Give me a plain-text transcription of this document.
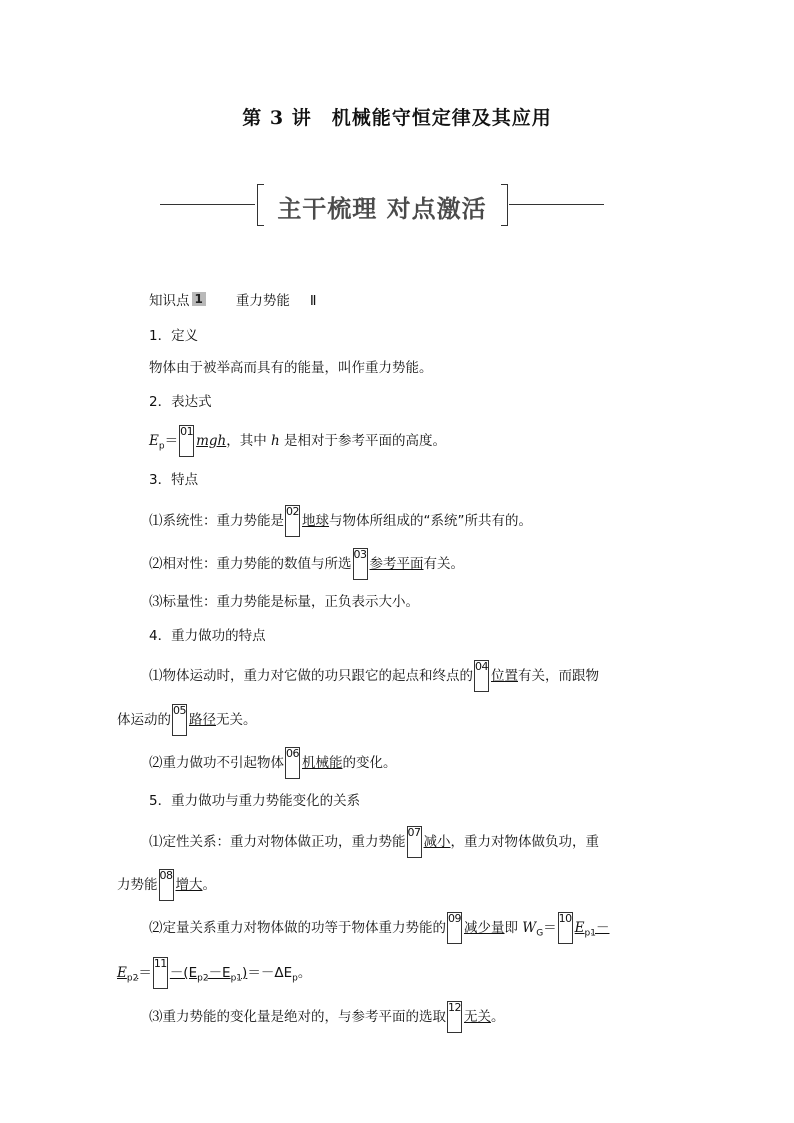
第 3 讲　机械能守恒定律及其应用
主干梳理 对点激活
知识点 1 重力势能 Ⅱ
1．定义
物体由于被举高而具有的能量，叫作重力势能。
2．表达式
$E_p=$
01
mgh，其中 h 是相对于参考平面的高度。
3．特点
⑴系统性：重力势能是
02
地球与物体所组成的“系统”所共有的。
⑵相对性：重力势能的数值与所选
03
参考平面有关。
⑶标量性：重力势能是标量，正负表示大小。
4．重力做功的特点
⑴物体运动时，重力对它做的功只跟它的起点和终点的
04
位置有关，而跟物
体运动的
05
路径无关。
⑵重力做功不引起物体
06
机械能的变化。
5．重力做功与重力势能变化的关系
⑴定性关系：重力对物体做正功，重力势能
07
减小，重力对物体做负功，重
力势能
08
增大。
⑵定量关系重力对物体做的功等于物体重力势能的
09
减少量即 $W_G=$
10
$E_{p1}-$
$E_{p2}=$
11
$-(E_{p2}-E_{p1})=-\Delta E_p$。
⑶重力势能的变化量是绝对的，与参考平面的选取
12
无关。
